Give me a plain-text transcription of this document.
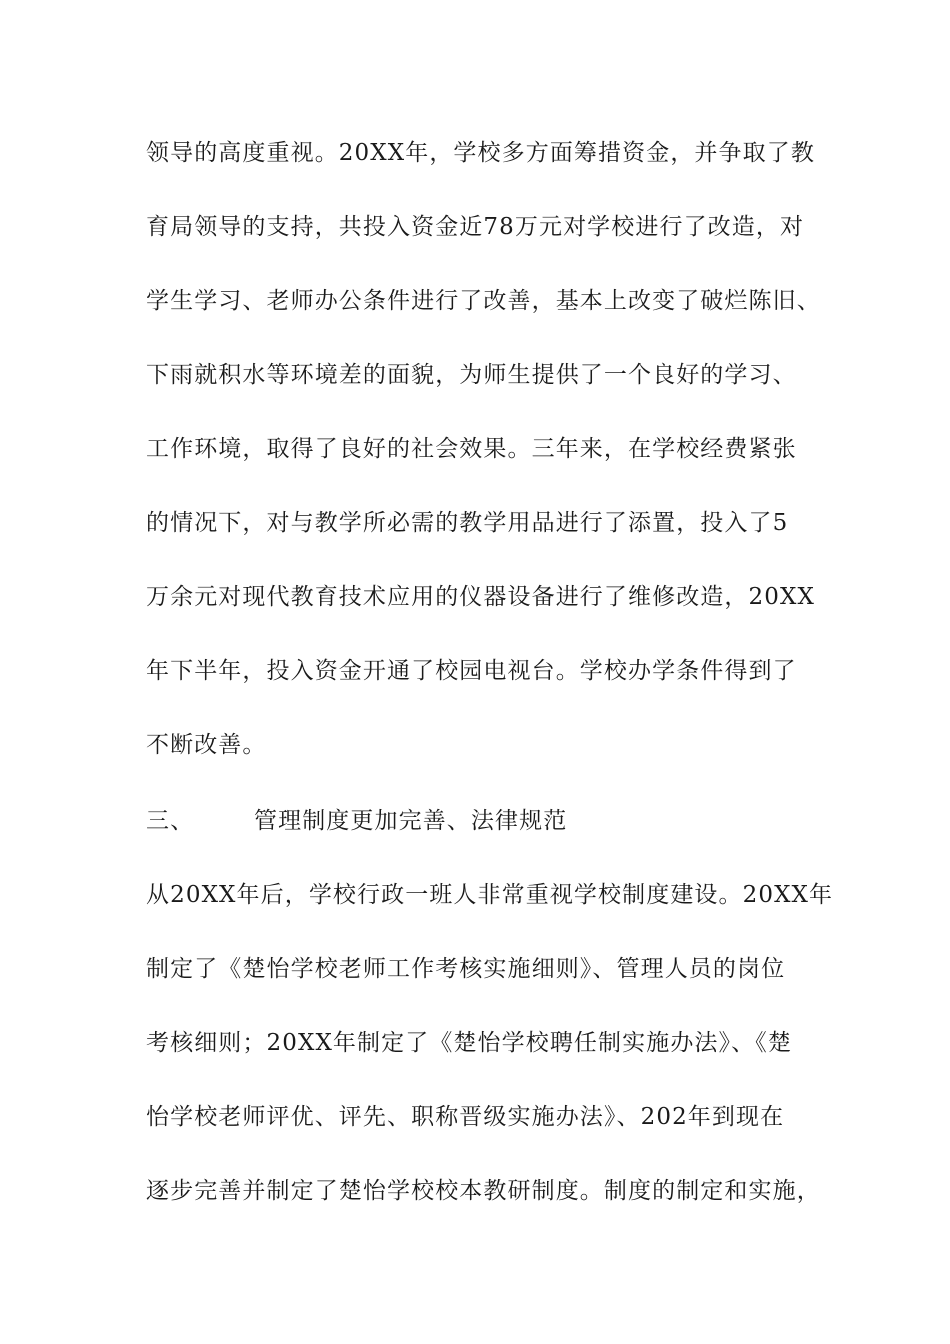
领导的高度重视。20XX年，学校多方面筹措资金，并争取了教
育局领导的支持，共投入资金近78万元对学校进行了改造，对
学生学习、老师办公条件进行了改善，基本上改变了破烂陈旧、
下雨就积水等环境差的面貌，为师生提供了一个良好的学习、
工作环境，取得了良好的社会效果。三年来，在学校经费紧张
的情况下，对与教学所必需的教学用品进行了添置，投入了5
万余元对现代教育技术应用的仪器设备进行了维修改造，20XX
年下半年，投入资金开通了校园电视台。学校办学条件得到了
不断改善。
三、	管理制度更加完善、法律规范
从20XX年后，学校行政一班人非常重视学校制度建设。20XX年
制定了《楚怡学校老师工作考核实施细则》、管理人员的岗位
考核细则；20XX年制定了《楚怡学校聘任制实施办法》、《楚
怡学校老师评优、评先、职称晋级实施办法》、202年到现在
逐步完善并制定了楚怡学校校本教研制度。制度的制定和实施，
